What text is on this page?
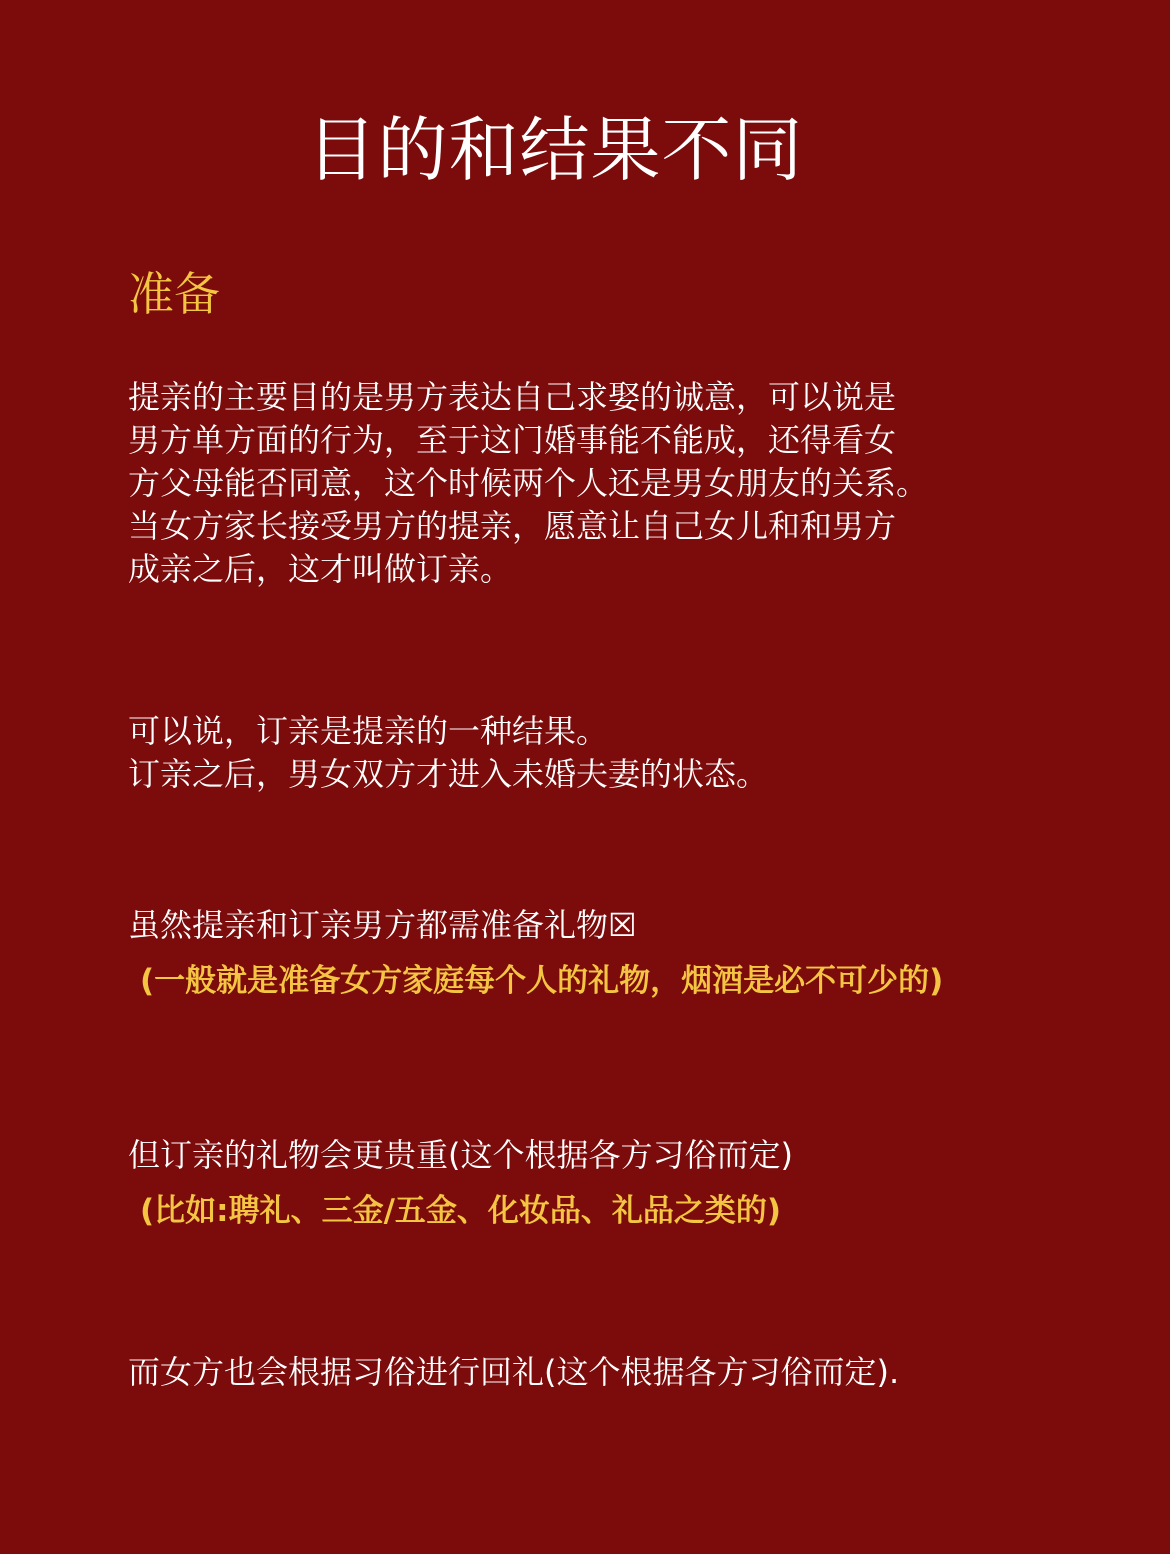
目的和结果不同
准备
提亲的主要目的是男方表达自己求娶的诚意，可以说是
男方单方面的行为，至于这门婚事能不能成，还得看女
方父母能否同意，这个时候两个人还是男女朋友的关系。
当女方家长接受男方的提亲，愿意让自己女儿和和男方
成亲之后，这才叫做订亲。
可以说，订亲是提亲的一种结果。
订亲之后，男女双方才进入未婚夫妻的状态。
虽然提亲和订亲男方都需准备礼物☒
(一般就是准备女方家庭每个人的礼物，烟酒是必不可少的)
但订亲的礼物会更贵重(这个根据各方习俗而定)
(比如:聘礼、三金/五金、化妆品、礼品之类的)
而女方也会根据习俗进行回礼(这个根据各方习俗而定).
